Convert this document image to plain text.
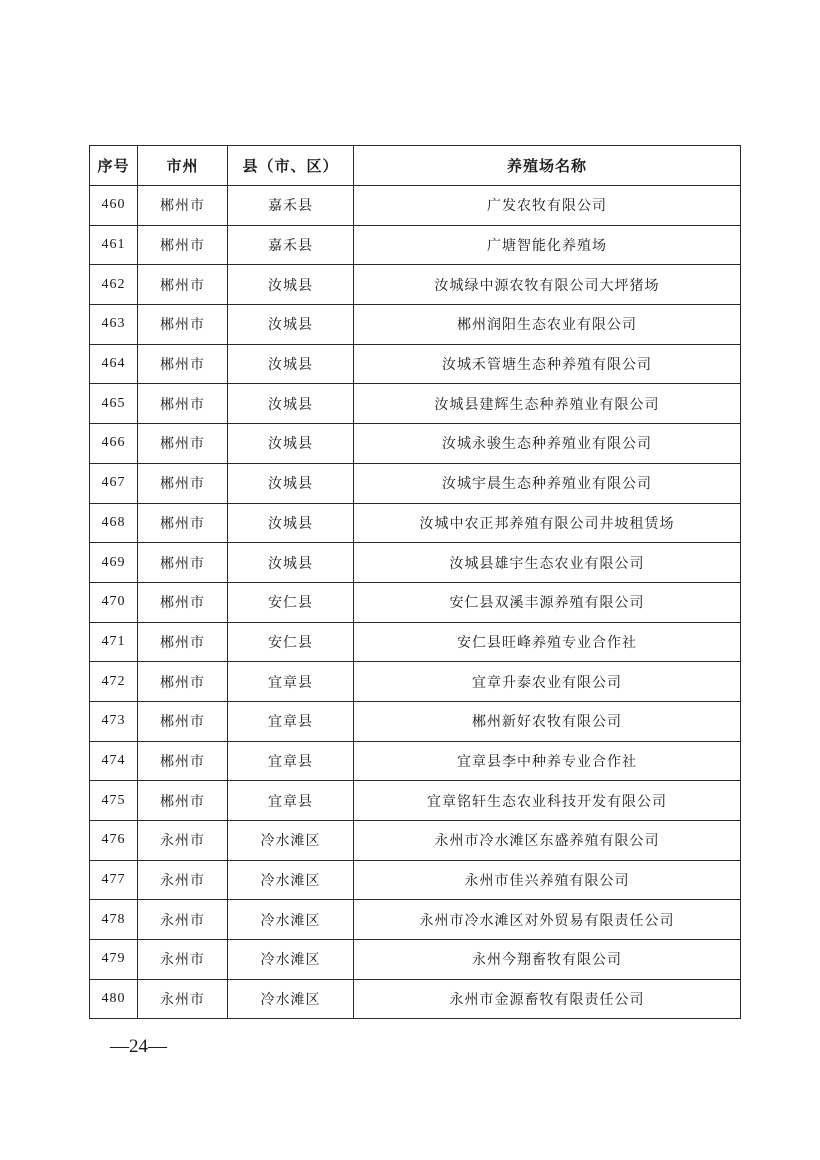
序号	市州	县（市、区）	养殖场名称
460	郴州市	嘉禾县	广发农牧有限公司
461	郴州市	嘉禾县	广塘智能化养殖场
462	郴州市	汝城县	汝城绿中源农牧有限公司大坪猪场
463	郴州市	汝城县	郴州润阳生态农业有限公司
464	郴州市	汝城县	汝城禾管塘生态种养殖有限公司
465	郴州市	汝城县	汝城县建辉生态种养殖业有限公司
466	郴州市	汝城县	汝城永骏生态种养殖业有限公司
467	郴州市	汝城县	汝城宇晨生态种养殖业有限公司
468	郴州市	汝城县	汝城中农正邦养殖有限公司井坡租赁场
469	郴州市	汝城县	汝城县雄宇生态农业有限公司
470	郴州市	安仁县	安仁县双溪丰源养殖有限公司
471	郴州市	安仁县	安仁县旺峰养殖专业合作社
472	郴州市	宜章县	宜章升泰农业有限公司
473	郴州市	宜章县	郴州新好农牧有限公司
474	郴州市	宜章县	宜章县李中种养专业合作社
475	郴州市	宜章县	宜章铭轩生态农业科技开发有限公司
476	永州市	冷水滩区	永州市冷水滩区东盛养殖有限公司
477	永州市	冷水滩区	永州市佳兴养殖有限公司
478	永州市	冷水滩区	永州市冷水滩区对外贸易有限责任公司
479	永州市	冷水滩区	永州今翔畜牧有限公司
480	永州市	冷水滩区	永州市金源畜牧有限责任公司
—24—
